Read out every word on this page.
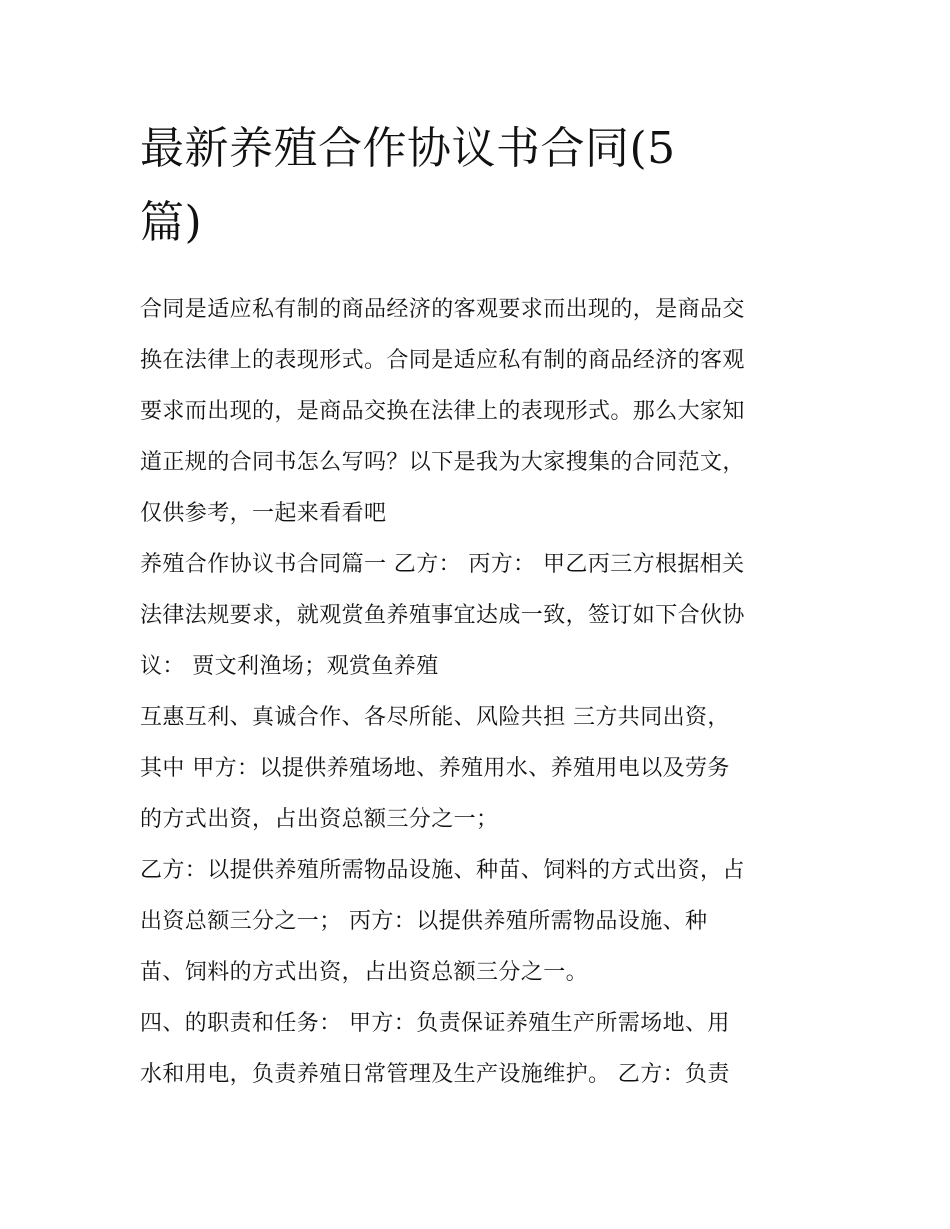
最新养殖合作协议书合同(5
篇)

合同是适应私有制的商品经济的客观要求而出现的，是商品交
换在法律上的表现形式。合同是适应私有制的商品经济的客观
要求而出现的，是商品交换在法律上的表现形式。那么大家知
道正规的合同书怎么写吗？以下是我为大家搜集的合同范文，
仅供参考，一起来看看吧

养殖合作协议书合同篇一 乙方： 丙方： 甲乙丙三方根据相关
法律法规要求，就观赏鱼养殖事宜达成一致，签订如下合伙协
议： 贾文利渔场；观赏鱼养殖

互惠互利、真诚合作、各尽所能、风险共担 三方共同出资，
其中 甲方：以提供养殖场地、养殖用水、养殖用电以及劳务
的方式出资，占出资总额三分之一；

乙方：以提供养殖所需物品设施、种苗、饲料的方式出资，占
出资总额三分之一； 丙方：以提供养殖所需物品设施、种
苗、饲料的方式出资，占出资总额三分之一。

四、的职责和任务： 甲方：负责保证养殖生产所需场地、用
水和用电，负责养殖日常管理及生产设施维护。 乙方：负责
